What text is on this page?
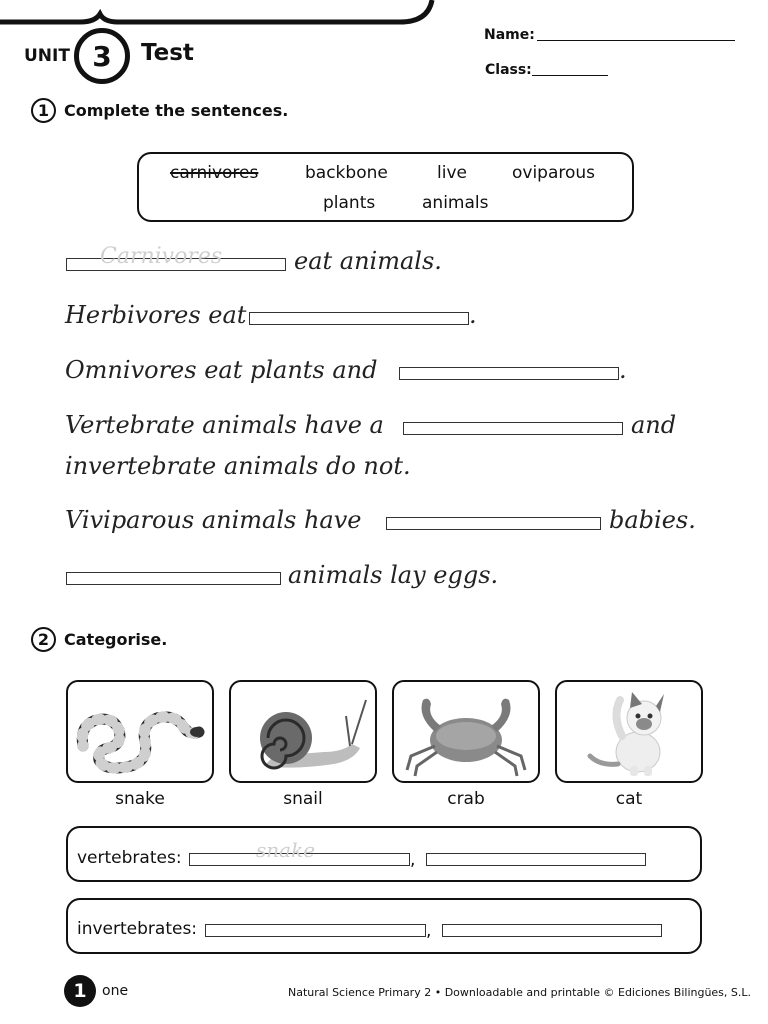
UNIT 3	Test
Name:
Class:
1 Complete the sentences.
carnivores	backbone	live	oviparous
plants	animals
Carnivores	eat animals.
Herbivores eat	.
Omnivores eat plants and	.
Vertebrate animals have a	and
invertebrate animals do not.
Viviparous animals have	babies.
animals lay eggs.
2 Categorise.
snake	snail	crab	cat
vertebrates:	snake	,
invertebrates:	,
1	one	Natural Science Primary 2 • Downloadable and printable © Ediciones Bilingües, S.L.
